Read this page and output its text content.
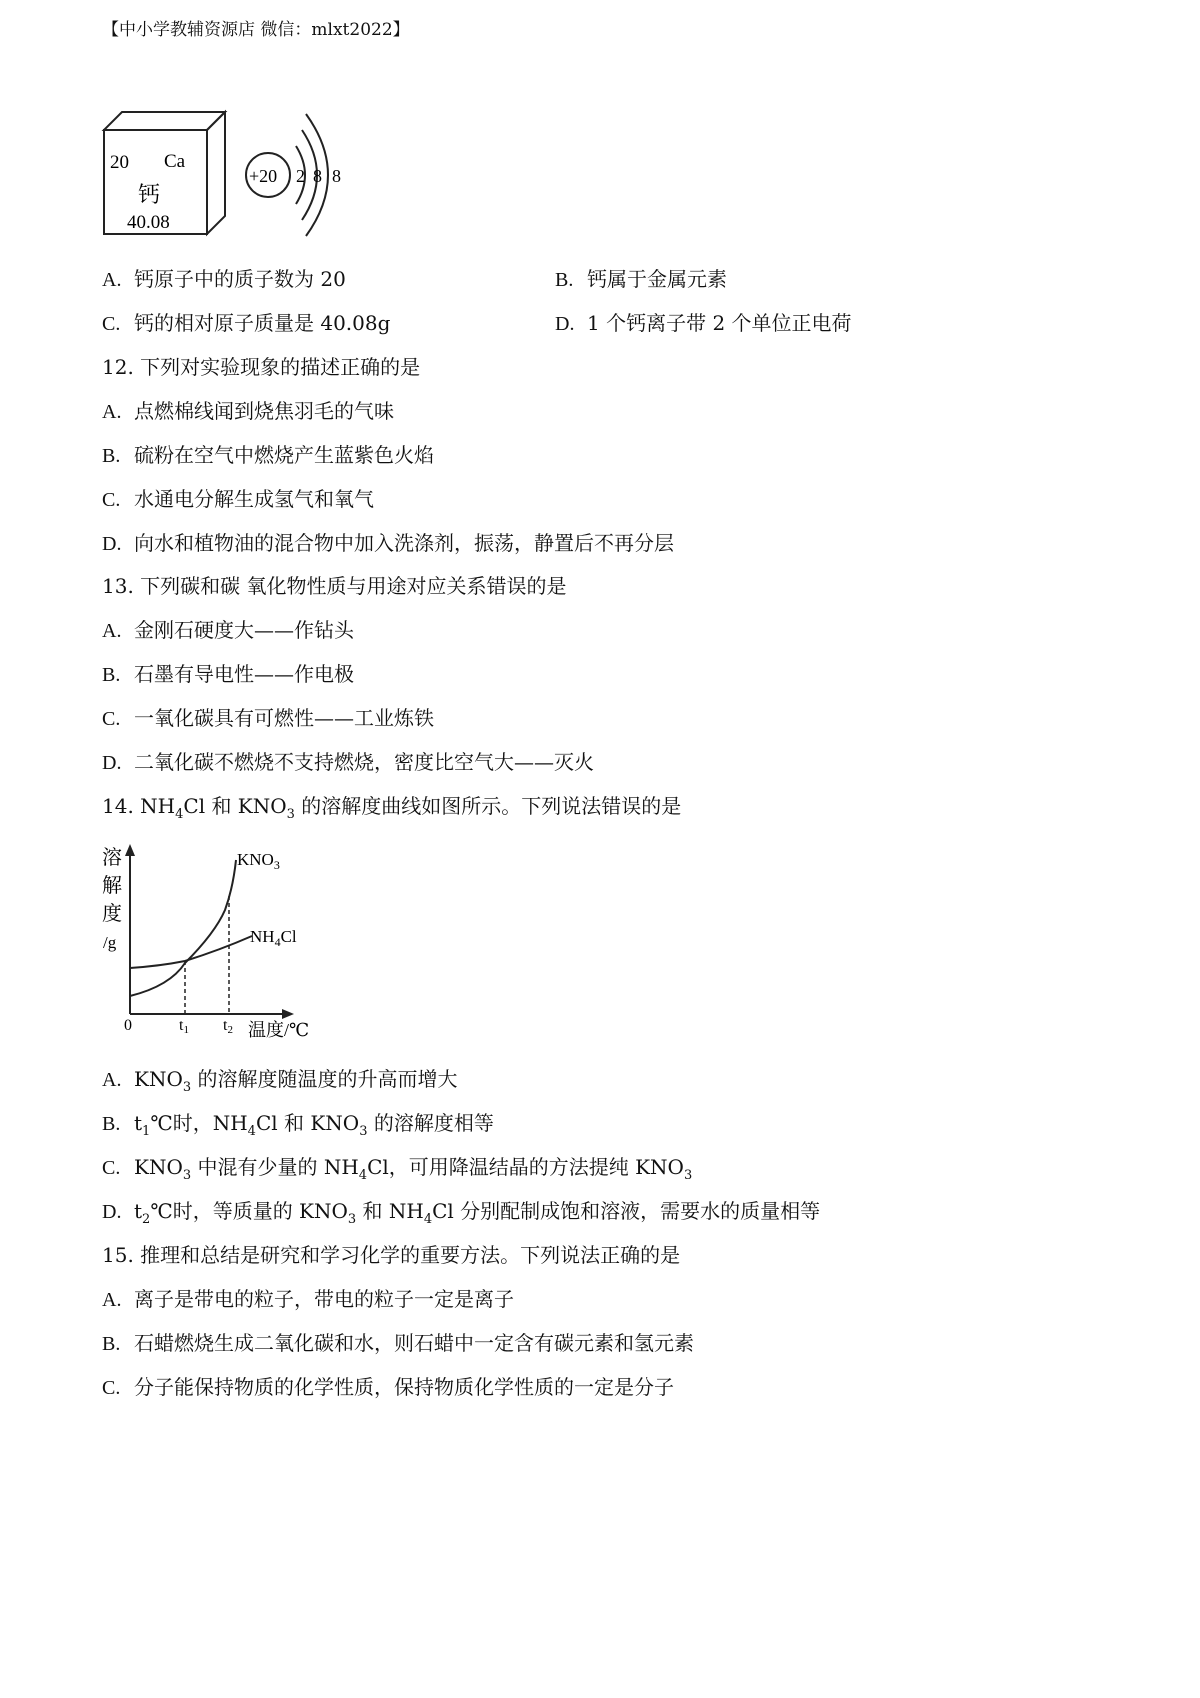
【中小学教辅资源店 微信：mlxt2022】
20 Ca
钙
40.08
+20 2 8 8
A. 钙原子中的质子数为 20	B. 钙属于金属元素
C. 钙的相对原子质量是 40.08g	D. 1 个钙离子带 2 个单位正电荷
12. 下列对实验现象的描述正确的是
A. 点燃棉线闻到烧焦羽毛的气味
B. 硫粉在空气中燃烧产生蓝紫色火焰
C. 水通电分解生成氢气和氧气
D. 向水和植物油的混合物中加入洗涤剂，振荡，静置后不再分层
13. 下列碳和碳 氧化物性质与用途对应关系错误的是
A. 金刚石硬度大——作钻头
B. 石墨有导电性——作电极
C. 一氧化碳具有可燃性——工业炼铁
D. 二氧化碳不燃烧不支持燃烧，密度比空气大——灭火
14. $NH_4Cl$ 和 $KNO_3$ 的溶解度曲线如图所示。下列说法错误的是
溶
解
度
/g
$KNO_3$
$NH_4Cl$
0	t1 t2 温度/℃
A. $KNO_3$ 的溶解度随温度的升高而增大
B. $t_1℃$时，$NH_4Cl$ 和 $KNO_3$ 的溶解度相等
C. $KNO_3$ 中混有少量的 $NH_4Cl$，可用降温结晶的方法提纯 $KNO_3$
D. $t_2℃$时，等质量的 $KNO_3$ 和 $NH_4Cl$ 分别配制成饱和溶液，需要水的质量相等
15. 推理和总结是研究和学习化学的重要方法。下列说法正确的是
A. 离子是带电的粒子，带电的粒子一定是离子
B. 石蜡燃烧生成二氧化碳和水，则石蜡中一定含有碳元素和氢元素
C. 分子能保持物质的化学性质，保持物质化学性质的一定是分子
